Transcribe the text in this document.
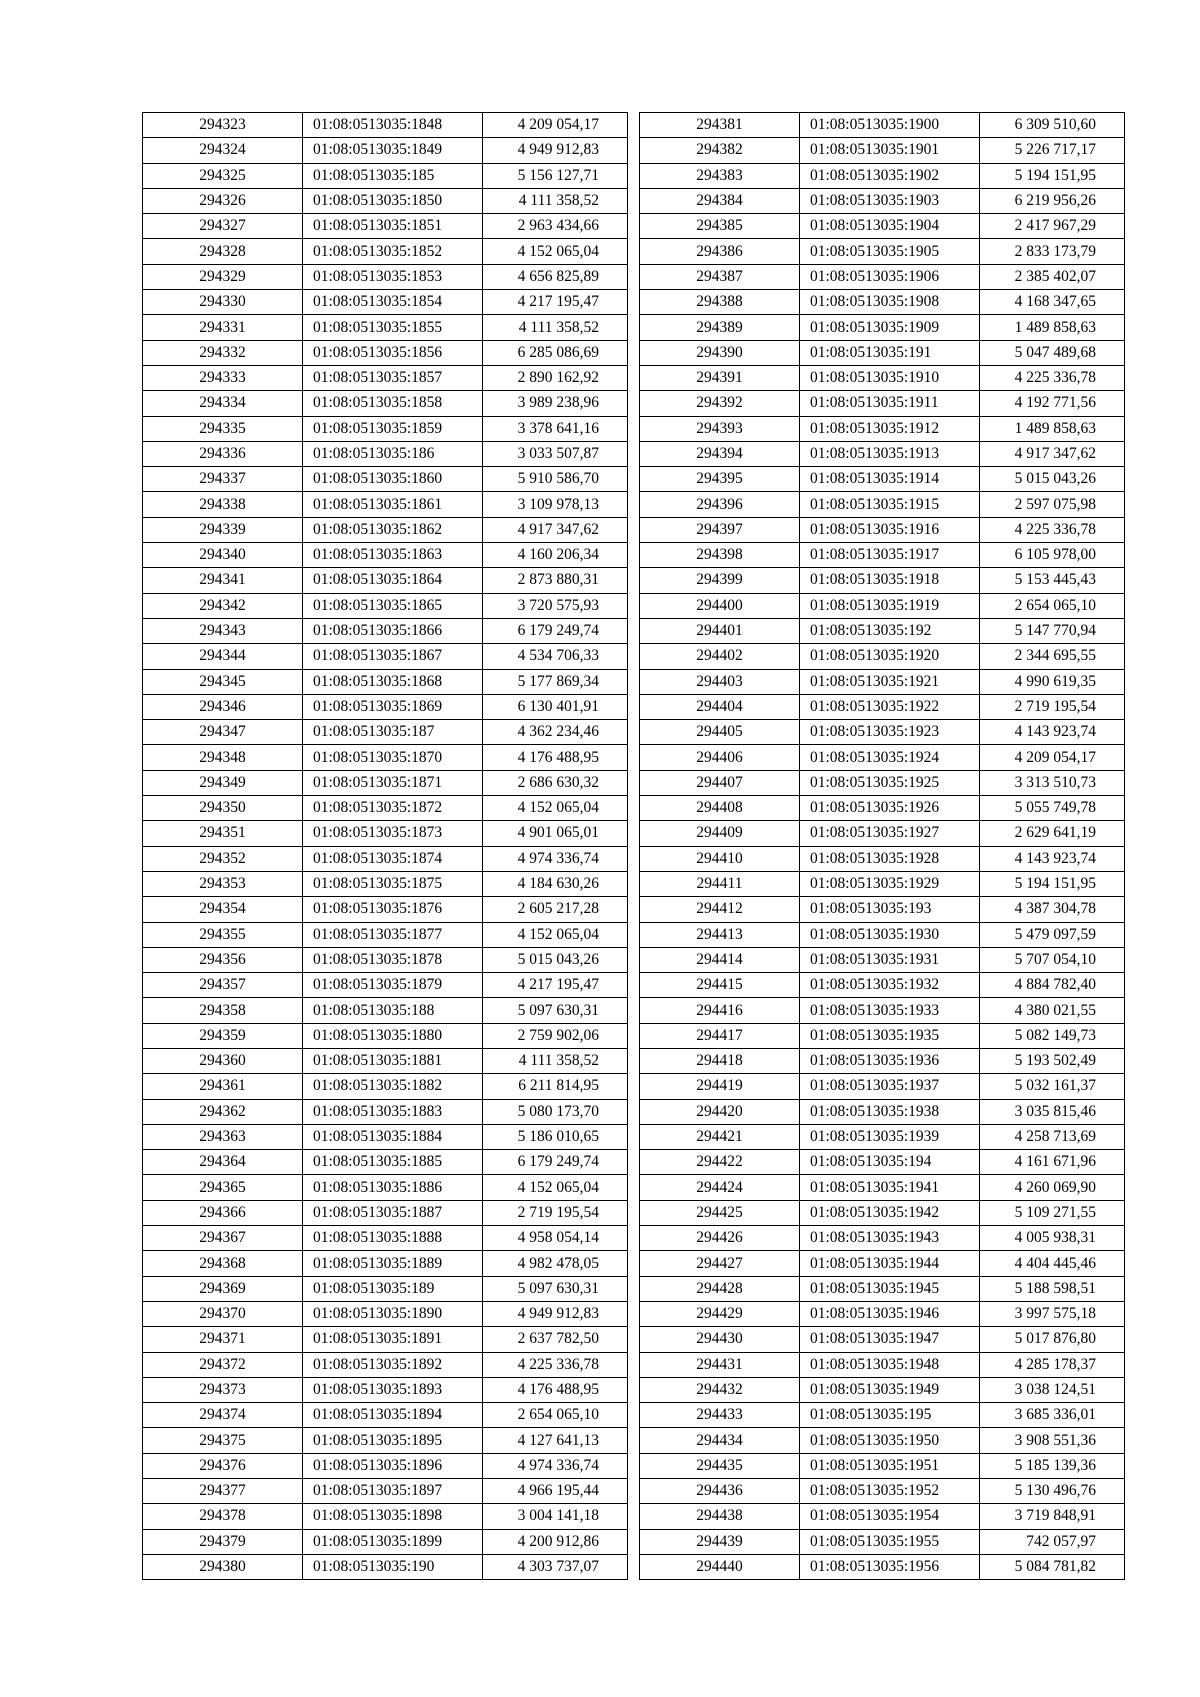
294323	01:08:0513035:1848	4 209 054,17
294324	01:08:0513035:1849	4 949 912,83
294325	01:08:0513035:185	5 156 127,71
294326	01:08:0513035:1850	4 111 358,52
294327	01:08:0513035:1851	2 963 434,66
294328	01:08:0513035:1852	4 152 065,04
294329	01:08:0513035:1853	4 656 825,89
294330	01:08:0513035:1854	4 217 195,47
294331	01:08:0513035:1855	4 111 358,52
294332	01:08:0513035:1856	6 285 086,69
294333	01:08:0513035:1857	2 890 162,92
294334	01:08:0513035:1858	3 989 238,96
294335	01:08:0513035:1859	3 378 641,16
294336	01:08:0513035:186	3 033 507,87
294337	01:08:0513035:1860	5 910 586,70
294338	01:08:0513035:1861	3 109 978,13
294339	01:08:0513035:1862	4 917 347,62
294340	01:08:0513035:1863	4 160 206,34
294341	01:08:0513035:1864	2 873 880,31
294342	01:08:0513035:1865	3 720 575,93
294343	01:08:0513035:1866	6 179 249,74
294344	01:08:0513035:1867	4 534 706,33
294345	01:08:0513035:1868	5 177 869,34
294346	01:08:0513035:1869	6 130 401,91
294347	01:08:0513035:187	4 362 234,46
294348	01:08:0513035:1870	4 176 488,95
294349	01:08:0513035:1871	2 686 630,32
294350	01:08:0513035:1872	4 152 065,04
294351	01:08:0513035:1873	4 901 065,01
294352	01:08:0513035:1874	4 974 336,74
294353	01:08:0513035:1875	4 184 630,26
294354	01:08:0513035:1876	2 605 217,28
294355	01:08:0513035:1877	4 152 065,04
294356	01:08:0513035:1878	5 015 043,26
294357	01:08:0513035:1879	4 217 195,47
294358	01:08:0513035:188	5 097 630,31
294359	01:08:0513035:1880	2 759 902,06
294360	01:08:0513035:1881	4 111 358,52
294361	01:08:0513035:1882	6 211 814,95
294362	01:08:0513035:1883	5 080 173,70
294363	01:08:0513035:1884	5 186 010,65
294364	01:08:0513035:1885	6 179 249,74
294365	01:08:0513035:1886	4 152 065,04
294366	01:08:0513035:1887	2 719 195,54
294367	01:08:0513035:1888	4 958 054,14
294368	01:08:0513035:1889	4 982 478,05
294369	01:08:0513035:189	5 097 630,31
294370	01:08:0513035:1890	4 949 912,83
294371	01:08:0513035:1891	2 637 782,50
294372	01:08:0513035:1892	4 225 336,78
294373	01:08:0513035:1893	4 176 488,95
294374	01:08:0513035:1894	2 654 065,10
294375	01:08:0513035:1895	4 127 641,13
294376	01:08:0513035:1896	4 974 336,74
294377	01:08:0513035:1897	4 966 195,44
294378	01:08:0513035:1898	3 004 141,18
294379	01:08:0513035:1899	4 200 912,86
294380	01:08:0513035:190	4 303 737,07
294381	01:08:0513035:1900	6 309 510,60
294382	01:08:0513035:1901	5 226 717,17
294383	01:08:0513035:1902	5 194 151,95
294384	01:08:0513035:1903	6 219 956,26
294385	01:08:0513035:1904	2 417 967,29
294386	01:08:0513035:1905	2 833 173,79
294387	01:08:0513035:1906	2 385 402,07
294388	01:08:0513035:1908	4 168 347,65
294389	01:08:0513035:1909	1 489 858,63
294390	01:08:0513035:191	5 047 489,68
294391	01:08:0513035:1910	4 225 336,78
294392	01:08:0513035:1911	4 192 771,56
294393	01:08:0513035:1912	1 489 858,63
294394	01:08:0513035:1913	4 917 347,62
294395	01:08:0513035:1914	5 015 043,26
294396	01:08:0513035:1915	2 597 075,98
294397	01:08:0513035:1916	4 225 336,78
294398	01:08:0513035:1917	6 105 978,00
294399	01:08:0513035:1918	5 153 445,43
294400	01:08:0513035:1919	2 654 065,10
294401	01:08:0513035:192	5 147 770,94
294402	01:08:0513035:1920	2 344 695,55
294403	01:08:0513035:1921	4 990 619,35
294404	01:08:0513035:1922	2 719 195,54
294405	01:08:0513035:1923	4 143 923,74
294406	01:08:0513035:1924	4 209 054,17
294407	01:08:0513035:1925	3 313 510,73
294408	01:08:0513035:1926	5 055 749,78
294409	01:08:0513035:1927	2 629 641,19
294410	01:08:0513035:1928	4 143 923,74
294411	01:08:0513035:1929	5 194 151,95
294412	01:08:0513035:193	4 387 304,78
294413	01:08:0513035:1930	5 479 097,59
294414	01:08:0513035:1931	5 707 054,10
294415	01:08:0513035:1932	4 884 782,40
294416	01:08:0513035:1933	4 380 021,55
294417	01:08:0513035:1935	5 082 149,73
294418	01:08:0513035:1936	5 193 502,49
294419	01:08:0513035:1937	5 032 161,37
294420	01:08:0513035:1938	3 035 815,46
294421	01:08:0513035:1939	4 258 713,69
294422	01:08:0513035:194	4 161 671,96
294424	01:08:0513035:1941	4 260 069,90
294425	01:08:0513035:1942	5 109 271,55
294426	01:08:0513035:1943	4 005 938,31
294427	01:08:0513035:1944	4 404 445,46
294428	01:08:0513035:1945	5 188 598,51
294429	01:08:0513035:1946	3 997 575,18
294430	01:08:0513035:1947	5 017 876,80
294431	01:08:0513035:1948	4 285 178,37
294432	01:08:0513035:1949	3 038 124,51
294433	01:08:0513035:195	3 685 336,01
294434	01:08:0513035:1950	3 908 551,36
294435	01:08:0513035:1951	5 185 139,36
294436	01:08:0513035:1952	5 130 496,76
294438	01:08:0513035:1954	3 719 848,91
294439	01:08:0513035:1955	742 057,97
294440	01:08:0513035:1956	5 084 781,82
